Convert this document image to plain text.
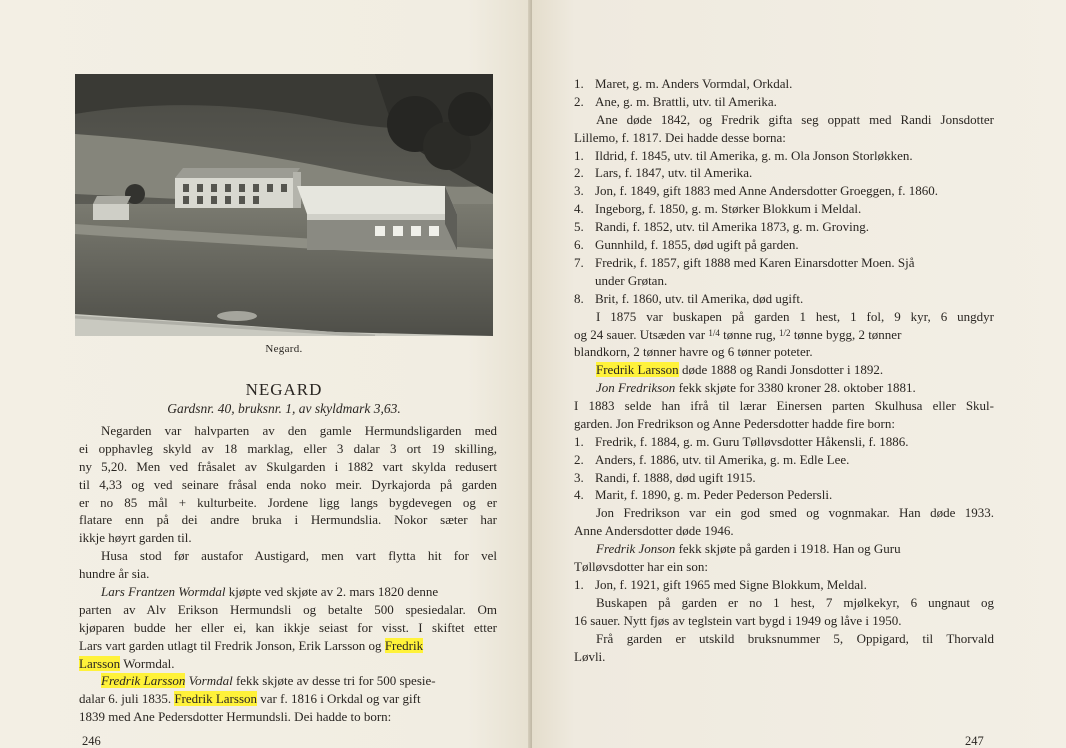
Negard.
NEGARD
Gardsnr. 40, bruksnr. 1, av skyldmark 3,63.
Negarden var halvparten av den gamle Hermundsligarden med
ei opphavleg skyld av 18 marklag, eller 3 dalar 3 ort 19 skilling,
ny 5,20. Men ved fråsalet av Skulgarden i 1882 vart skylda redusert
til 4,33 og ved seinare fråsal enda noko meir. Dyrkajorda på garden
er no 85 mål + kulturbeite. Jordene ligg langs bygdevegen og er
flatare enn på dei andre bruka i Hermundslia. Nokor sæter har
ikkje høyrt garden til.
Husa stod før austafor Austigard, men vart flytta hit for vel
hundre år sia.
Lars Frantzen Wormdal kjøpte ved skjøte av 2. mars 1820 denne
parten av Alv Erikson Hermundsli og betalte 500 spesiedalar. Om
kjøparen budde her eller ei, kan ikkje seiast for visst. I skiftet etter
Lars vart garden utlagt til Fredrik Jonson, Erik Larsson og Fredrik
Larsson Wormdal.
Fredrik Larsson Vormdal fekk skjøte av desse tri for 500 spesie-
dalar 6. juli 1835. Fredrik Larsson var f. 1816 i Orkdal og var gift
1839 med Ane Pedersdotter Hermundsli. Dei hadde to born:
246
1. Maret, g. m. Anders Vormdal, Orkdal.
2. Ane, g. m. Brattli, utv. til Amerika.
Ane døde 1842, og Fredrik gifta seg oppatt med Randi Jonsdotter
Lillemo, f. 1817. Dei hadde desse borna:
1. Ildrid, f. 1845, utv. til Amerika, g. m. Ola Jonson Storløkken.
2. Lars, f. 1847, utv. til Amerika.
3. Jon, f. 1849, gift 1883 med Anne Andersdotter Groeggen, f. 1860.
4. Ingeborg, f. 1850, g. m. Størker Blokkum i Meldal.
5. Randi, f. 1852, utv. til Amerika 1873, g. m. Groving.
6. Gunnhild, f. 1855, død ugift på garden.
7. Fredrik, f. 1857, gift 1888 med Karen Einarsdotter Moen. Sjå
under Grøtan.
8. Brit, f. 1860, utv. til Amerika, død ugift.
I 1875 var buskapen på garden 1 hest, 1 fol, 9 kyr, 6 ungdyr
og 24 sauer. Utsæden var $^{1/4}$ tønne rug, $^{1/2}$ tønne bygg, 2 tønner
blandkorn, 2 tønner havre og 6 tønner poteter.
Fredrik Larsson døde 1888 og Randi Jonsdotter i 1892.
Jon Fredrikson fekk skjøte for 3380 kroner 28. oktober 1881.
I 1883 selde han ifrå til lærar Einersen parten Skulhusa eller Skul-
garden. Jon Fredrikson og Anne Pedersdotter hadde fire born:
1. Fredrik, f. 1884, g. m. Guru Tølløvsdotter Håkensli, f. 1886.
2. Anders, f. 1886, utv. til Amerika, g. m. Edle Lee.
3. Randi, f. 1888, død ugift 1915.
4. Marit, f. 1890, g. m. Peder Pederson Pedersli.
Jon Fredrikson var ein god smed og vognmakar. Han døde 1933.
Anne Andersdotter døde 1946.
Fredrik Jonson fekk skjøte på garden i 1918. Han og Guru
Tølløvsdotter har ein son:
1. Jon, f. 1921, gift 1965 med Signe Blokkum, Meldal.
Buskapen på garden er no 1 hest, 7 mjølkekyr, 6 ungnaut og
16 sauer. Nytt fjøs av teglstein vart bygd i 1949 og låve i 1950.
Frå garden er utskild bruksnummer 5, Oppigard, til Thorvald
Løvli.
247
